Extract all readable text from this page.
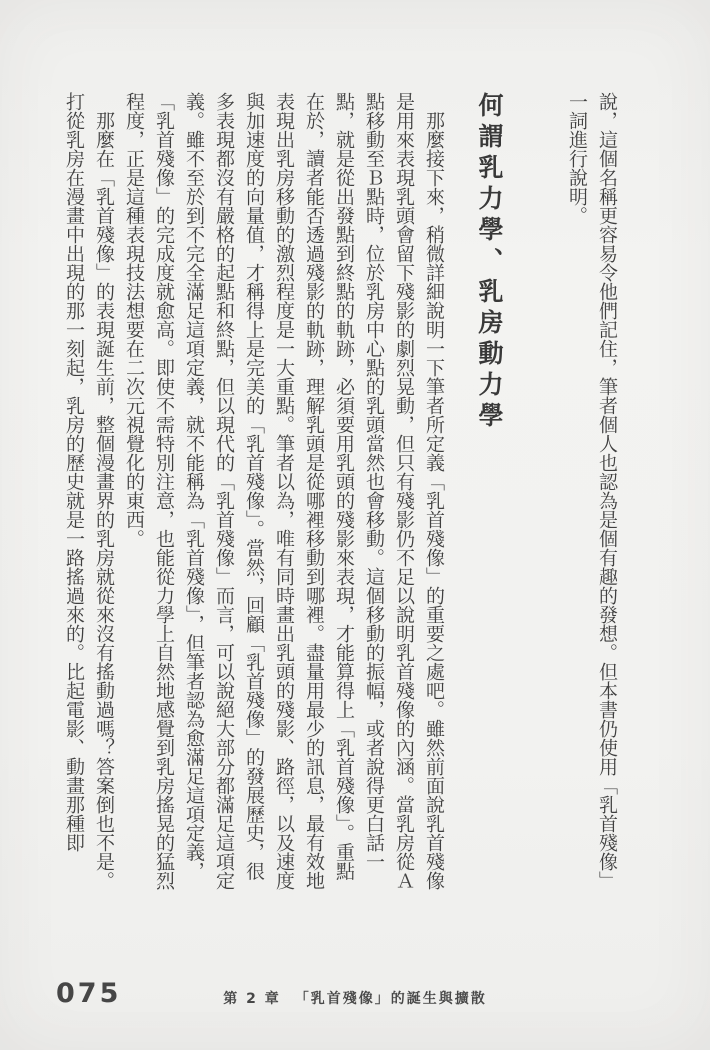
說，這個名稱更容易令他們記住，筆者個人也認為是個有趣的發想。但本書仍使用「乳首殘像」一詞進行說明。

何謂乳力學、乳房動力學

那麼接下來，稍微詳細說明一下筆者所定義「乳首殘像」的重要之處吧。雖然前面說乳首殘像是用來表現乳頭會留下殘影的劇烈晃動，但只有殘影仍不足以說明乳首殘像的內涵。當乳房從Ａ點移動至Ｂ點時，位於乳房中心點的乳頭當然也會移動。這個移動的振幅，或者說得更白話一點，就是從出發點到終點的軌跡，必須要用乳頭的殘影來表現，才能算得上「乳首殘像」。重點在於，讀者能否透過殘影的軌跡，理解乳頭是從哪裡移動到哪裡。盡量用最少的訊息，最有效地表現出乳房移動的激烈程度是一大重點。筆者以為，唯有同時畫出乳頭的殘影、路徑，以及速度與加速度的向量值，才稱得上是完美的「乳首殘像」。當然，回顧「乳首殘像」的發展歷史，很多表現都沒有嚴格的起點和終點，但以現代的「乳首殘像」而言，可以說絕大部分都滿足這項定義。雖不至於到不完全滿足這項定義，就不能稱為「乳首殘像」，但筆者認為愈滿足這項定義，「乳首殘像」的完成度就愈高。即使不需特別注意，也能從力學上自然地感覺到乳房搖晃的猛烈程度，正是這種表現技法想要在二次元視覺化的東西。

那麼在「乳首殘像」的表現誕生前，整個漫畫界的乳房就從來沒有搖動過嗎？答案倒也不是。打從乳房在漫畫中出現的那一刻起，乳房的歷史就是一路搖過來的。比起電影、動畫那種即

075	第 2 章 「乳首殘像」的誕生與擴散
